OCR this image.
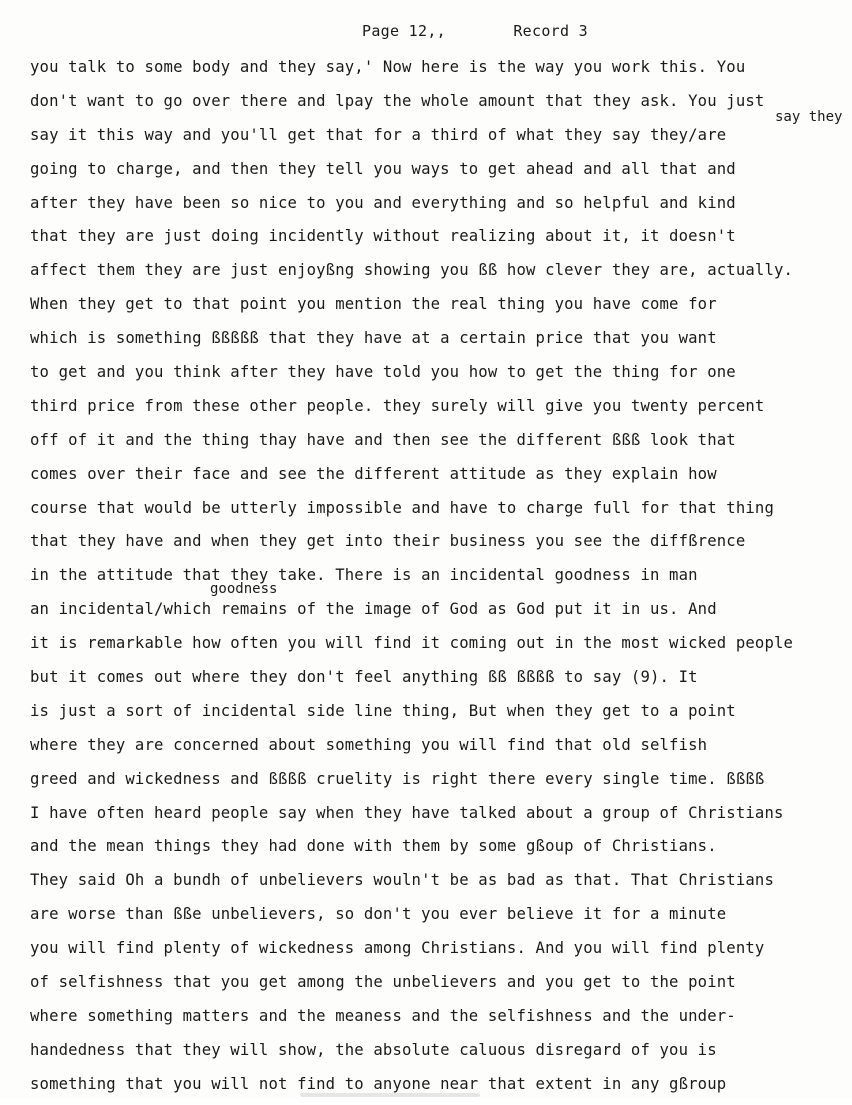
Page 12,,	Record 3
say they
goodness
you talk to some body and they say,' Now here is the way you work this. You
don't want to go over there and lpay the whole amount that they ask. You just
say it this way and you'll get that for a third of what they say they/are
going to charge, and then they tell you ways to get ahead and all that and
after they have been so nice to you and everything and so helpful and kind
that they are just doing incidently without realizing about it, it doesn't
affect them they are just enjoyßng showing you ßß how clever they are, actually.
When they get to that point you mention the real thing you have come for
which is something ßßßßß that they have at a certain price that you want
to get and you think after they have told you how to get the thing for one
third price from these other people. they surely will give you twenty percent
off of it and the thing thay have and then see the different ßßß look that
comes over their face and see the different attitude as they explain how
course that would be utterly impossible and have to charge full for that thing
that they have and when they get into their business you see the diffßrence
in the attitude that they take. There is an incidental goodness in man
an incidental/which remains of the image of God as God put it in us. And
it is remarkable how often you will find it coming out in the most wicked people
but it comes out where they don't feel anything ßß ßßßß to say (9). It
is just a sort of incidental side line thing, But when they get to a point
where they are concerned about something you will find that old selfish
greed and wickedness and ßßßß cruelity is right there every single time. ßßßß
I have often heard people say when they have talked about a group of Christians
and the mean things they had done with them by some gßoup of Christians.
They said Oh a bundh of unbelievers wouln't be as bad as that. That Christians
are worse than ßße unbelievers, so don't you ever believe it for a minute
you will find plenty of wickedness among Christians. And you will find plenty
of selfishness that you get among the unbelievers and you get to the point
where something matters and the meaness and the selfishness and the under-
handedness that they will show, the absolute caluous disregard of you is
something that you will not find to anyone near that extent in any gßroup
